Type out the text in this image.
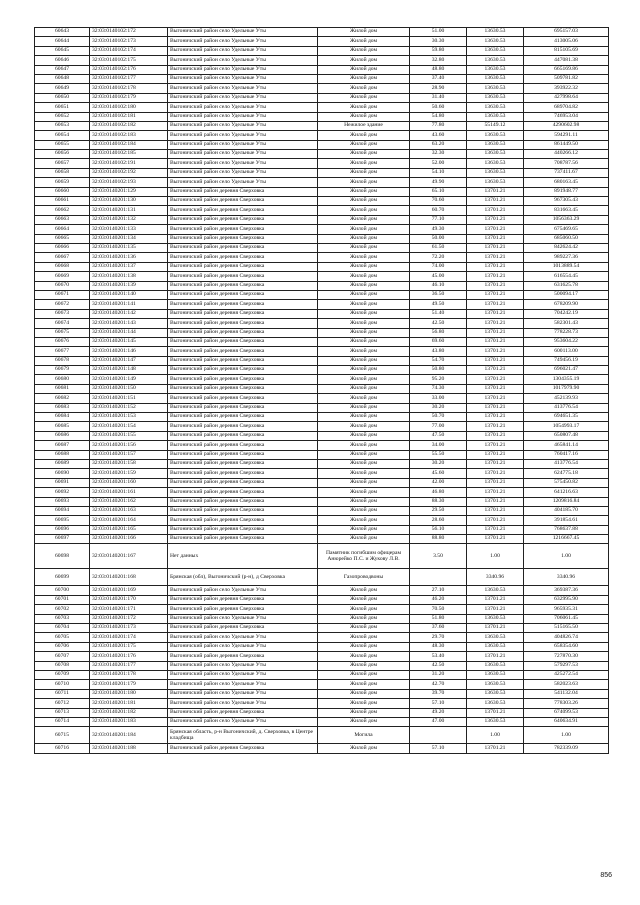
60643	32:03:0140102:172	Выгоничский район село Удельные Уты	Жилой дом	51.00	13630.53	695157.03
60644	32:03:0140102:173	Выгоничский район село Удельные Уты	Жилой дом	30.30	13630.53	413005.06
60645	32:03:0140102:174	Выгоничский район село Удельные Уты	Жилой дом	59.80	13630.53	815105.69
60646	32:03:0140102:175	Выгоничский район село Удельные Уты	Жилой дом	32.80	13630.53	447081.38
60647	32:03:0140102:176	Выгоничский район село Удельные Уты	Жилой дом	48.80	13630.53	665169.86
60648	32:03:0140102:177	Выгоничский район село Удельные Уты	Жилой дом	37.40	13630.53	509781.82
60649	32:03:0140102:178	Выгоничский район село Удельные Уты	Жилой дом	28.90	13630.53	393922.32
60650	32:03:0140102:179	Выгоничский район село Удельные Уты	Жилой дом	31.40	13630.53	427998.64
60651	32:03:0140102:180	Выгоничский район село Удельные Уты	Жилой дом	50.60	13630.53	689704.82
60652	32:03:0140102:181	Выгоничский район село Удельные Уты	Жилой дом	54.80	13630.53	746953.04
60653	32:03:0140102:182	Выгоничский район село Удельные Уты	Нежилое здание	77.80	55149.12	4290602.98
60654	32:03:0140102:183	Выгоничский район село Удельные Уты	Жилой дом	43.60	13630.53	594291.11
60655	32:03:0140102:184	Выгоничский район село Удельные Уты	Жилой дом	63.20	13630.53	861449.50
60656	32:03:0140102:185	Выгоничский район село Удельные Уты	Жилой дом	32.30	13630.53	440266.12
60657	32:03:0140102:191	Выгоничский район село Удельные Уты	Жилой дом	52.00	13630.53	708787.56
60658	32:03:0140102:192	Выгоничский район село Удельные Уты	Жилой дом	54.10	13630.53	737411.67
60659	32:03:0140102:193	Выгоничский район село Удельные Уты	Жилой дом	49.90	13630.53	680163.45
60660	32:03:0140201:129	Выгоничский район деревня Сверховка	Жилой дом	65.10	13701.21	891948.77
60661	32:03:0140201:130	Выгоничский район деревня Сверховка	Жилой дом	70.60	13701.21	967305.43
60662	32:03:0140201:131	Выгоничский район деревня Сверховка	Жилой дом	60.70	13701.21	831663.45
60663	32:03:0140201:132	Выгоничский район деревня Сверховка	Жилой дом	77.10	13701.21	1056363.29
60664	32:03:0140201:133	Выгоничский район деревня Сверховка	Жилой дом	49.30	13701.21	675469.65
60665	32:03:0140201:134	Выгоничский район деревня Сверховка	Жилой дом	50.00	13701.21	685060.50
60666	32:03:0140201:135	Выгоничский район деревня Сверховка	Жилой дом	61.50	13701.21	842624.42
60667	32:03:0140201:136	Выгоничский район деревня Сверховка	Жилой дом	72.20	13701.21	989227.36
60668	32:03:0140201:137	Выгоничский район деревня Сверховка	Жилой дом	74.00	13701.21	1013889.54
60669	32:03:0140201:138	Выгоничский район деревня Сверховка	Жилой дом	45.00	13701.21	616554.45
60670	32:03:0140201:139	Выгоничский район деревня Сверховка	Жилой дом	46.10	13701.21	631625.78
60671	32:03:0140201:140	Выгоничский район деревня Сверховка	Жилой дом	36.50	13701.21	500094.17
60672	32:03:0140201:141	Выгоничский район деревня Сверховка	Жилой дом	49.50	13701.21	678209.90
60673	32:03:0140201:142	Выгоничский район деревня Сверховка	Жилой дом	51.40	13701.21	704242.19
60674	32:03:0140201:143	Выгоничский район деревня Сверховка	Жилой дом	42.50	13701.21	582301.43
60675	32:03:0140201:144	Выгоничский район деревня Сверховка	Жилой дом	56.80	13701.21	778228.73
60676	32:03:0140201:145	Выгоничский район деревня Сверховка	Жилой дом	69.60	13701.21	953604.22
60677	32:03:0140201:146	Выгоничский район деревня Сверховка	Жилой дом	43.80	13701.21	600113.00
60678	32:03:0140201:147	Выгоничский район деревня Сверховка	Жилой дом	54.70	13701.21	749456.19
60679	32:03:0140201:148	Выгоничский район деревня Сверховка	Жилой дом	50.80	13701.21	696021.47
60680	32:03:0140201:149	Выгоничский район деревня Сверховка	Жилой дом	95.20	13701.21	1304355.19
60681	32:03:0140201:150	Выгоничский район деревня Сверховка	Жилой дом	74.30	13701.21	1017979.90
60682	32:03:0140201:151	Выгоничский район деревня Сверховка	Жилой дом	33.00	13701.21	452139.93
60683	32:03:0140201:152	Выгоничский район деревня Сверховка	Жилой дом	30.20	13701.21	413776.54
60684	32:03:0140201:153	Выгоничский район деревня Сверховка	Жилой дом	50.70	13701.21	694651.35
60685	32:03:0140201:154	Выгоничский район деревня Сверховка	Жилой дом	77.00	13701.21	1054993.17
60686	32:03:0140201:155	Выгоничский район деревня Сверховка	Жилой дом	47.50	13701.21	650807.48
60687	32:03:0140201:156	Выгоничский район деревня Сверховка	Жилой дом	34.00	13701.21	465841.14
60688	32:03:0140201:157	Выгоничский район деревня Сверховка	Жилой дом	55.50	13701.21	760417.16
60689	32:03:0140201:158	Выгоничский район деревня Сверховка	Жилой дом	30.20	13701.21	413776.54
60690	32:03:0140201:159	Выгоничский район деревня Сверховка	Жилой дом	45.60	13701.21	624775.18
60691	32:03:0140201:160	Выгоничский район деревня Сверховка	Жилой дом	42.00	13701.21	575450.82
60692	32:03:0140201:161	Выгоничский район деревня Сверховка	Жилой дом	46.80	13701.21	641216.63
60693	32:03:0140201:162	Выгоничский район деревня Сверховка	Жилой дом	88.30	13701.21	1209816.84
60694	32:03:0140201:163	Выгоничский район деревня Сверховка	Жилой дом	29.50	13701.21	404185.70
60695	32:03:0140201:164	Выгоничский район деревня Сверховка	Жилой дом	28.60	13701.21	391854.61
60696	32:03:0140201:165	Выгоничский район деревня Сверховка	Жилой дом	56.10	13701.21	768637.88
60697	32:03:0140201:166	Выгоничский район деревня Сверховка	Жилой дом	88.80	13701.21	1216667.45
60698	32:03:0140201:167	Нет данных	Памятник погибшим офицерам Анюрейко П.С. и Жукову Л.В.	3.50	1.00	1.00
60699	32:03:0140201:168	Брянская (обл), Выгоничский (р-н), д Сверховка	Газопроводвоны		3340.96	3340.96
60700	32:03:0140201:169	Выгоничский район село Удельные Уты	Жилой дом	27.10	13630.53	369387.36
60701	32:03:0140201:170	Выгоничский район деревня Сверховка	Жилой дом	46.20	13701.21	632995.90
60702	32:03:0140201:171	Выгоничский район деревня Сверховка	Жилой дом	70.50	13701.21	965935.31
60703	32:03:0140201:172	Выгоничский район село Удельные Уты	Жилой дом	51.80	13630.53	706061.45
60704	32:03:0140201:173	Выгоничский район деревня Сверховка	Жилой дом	37.60	13701.21	515165.50
60705	32:03:0140201:174	Выгоничский район село Удельные Уты	Жилой дом	29.70	13630.53	404826.74
60706	32:03:0140201:175	Выгоничский район село Удельные Уты	Жилой дом	48.30	13630.53	658354.60
60707	32:03:0140201:176	Выгоничский район деревня Сверховка	Жилой дом	53.40	13701.21	727870.30
60708	32:03:0140201:177	Выгоничский район село Удельные Уты	Жилой дом	42.50	13630.53	579297.53
60709	32:03:0140201:178	Выгоничский район село Удельные Уты	Жилой дом	31.20	13630.53	425272.54
60710	32:03:0140201:179	Выгоничский район село Удельные Уты	Жилой дом	42.70	13630.53	582023.63
60711	32:03:0140201:180	Выгоничский район село Удельные Уты	Жилой дом	39.70	13630.53	541132.04
60712	32:03:0140201:181	Выгоничский район село Удельные Уты	Жилой дом	57.10	13630.53	778303.26
60713	32:03:0140201:182	Выгоничский район деревня Сверховка	Жилой дом	49.20	13701.21	674099.53
60714	32:03:0140201:183	Выгоничский район село Удельные Уты	Жилой дом	47.00	13630.53	640634.91
60715	32:03:0140201:184	Брянская область, р-н Выгоничский, д. Сверховка, в Центре кладбища	Могила		1.00	1.00
60716	32:03:0140201:188	Выгоничский район деревня Сверховка	Жилой дом	57.10	13701.21	782339.09
856
